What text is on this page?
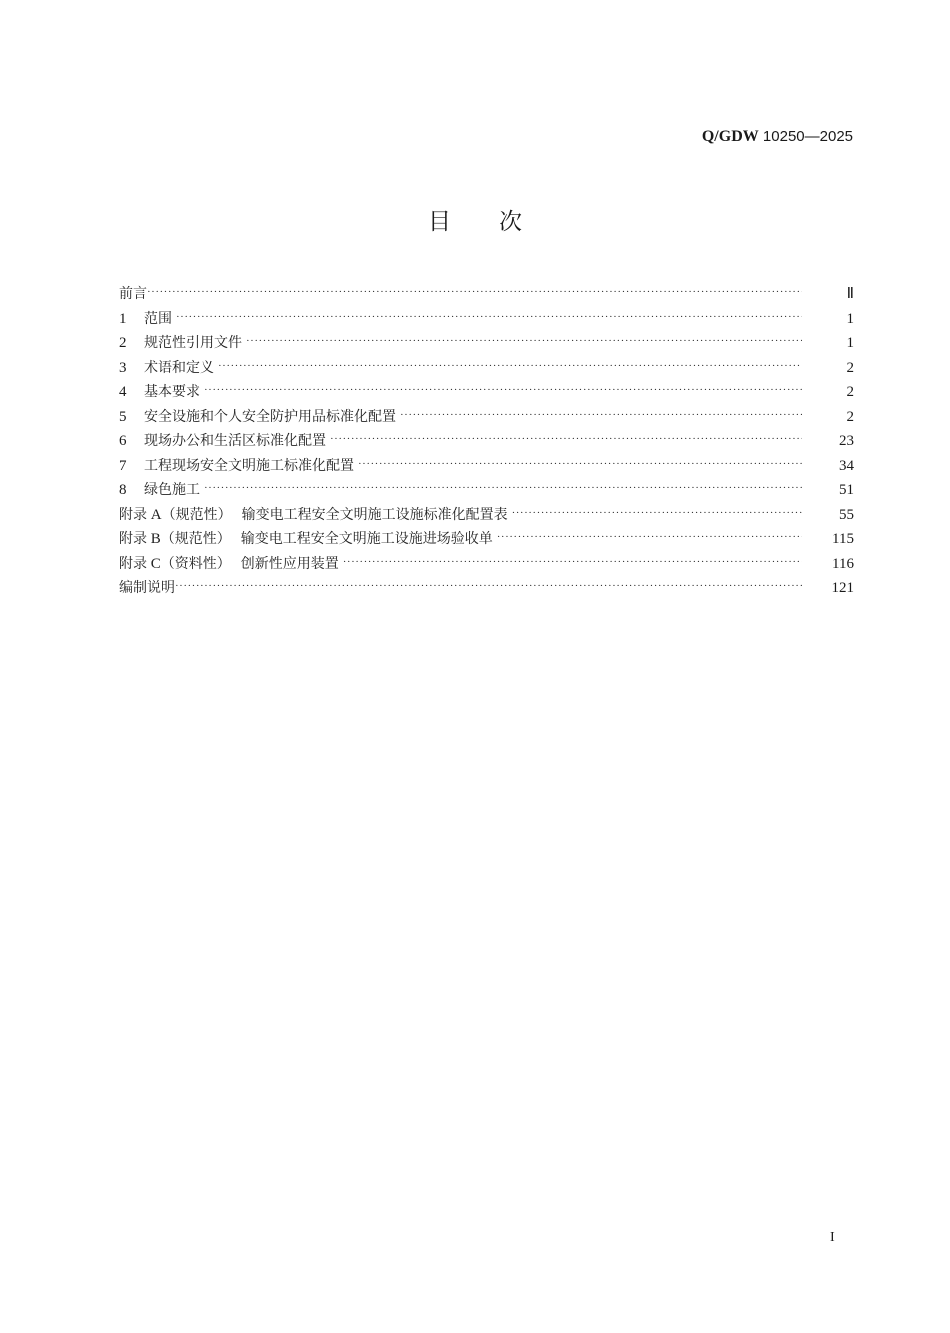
Q/GDW 10250—2025
目 次
前言 ·····	Ⅱ
1	范围 ·····	1
2	规范性引用文件 ·····	1
3	术语和定义 ·····	2
4	基本要求 ·····	2
5	安全设施和个人安全防护用品标准化配置 ·····	2
6	现场办公和生活区标准化配置 ·····	23
7	工程现场安全文明施工标准化配置 ·····	34
8	绿色施工 ·····	51
附录 A（规范性） 输变电工程安全文明施工设施标准化配置表 ·····	55
附录 B（规范性） 输变电工程安全文明施工设施进场验收单 ·····	115
附录 C（资料性） 创新性应用装置 ·····	116
编制说明 ·····	121
I
